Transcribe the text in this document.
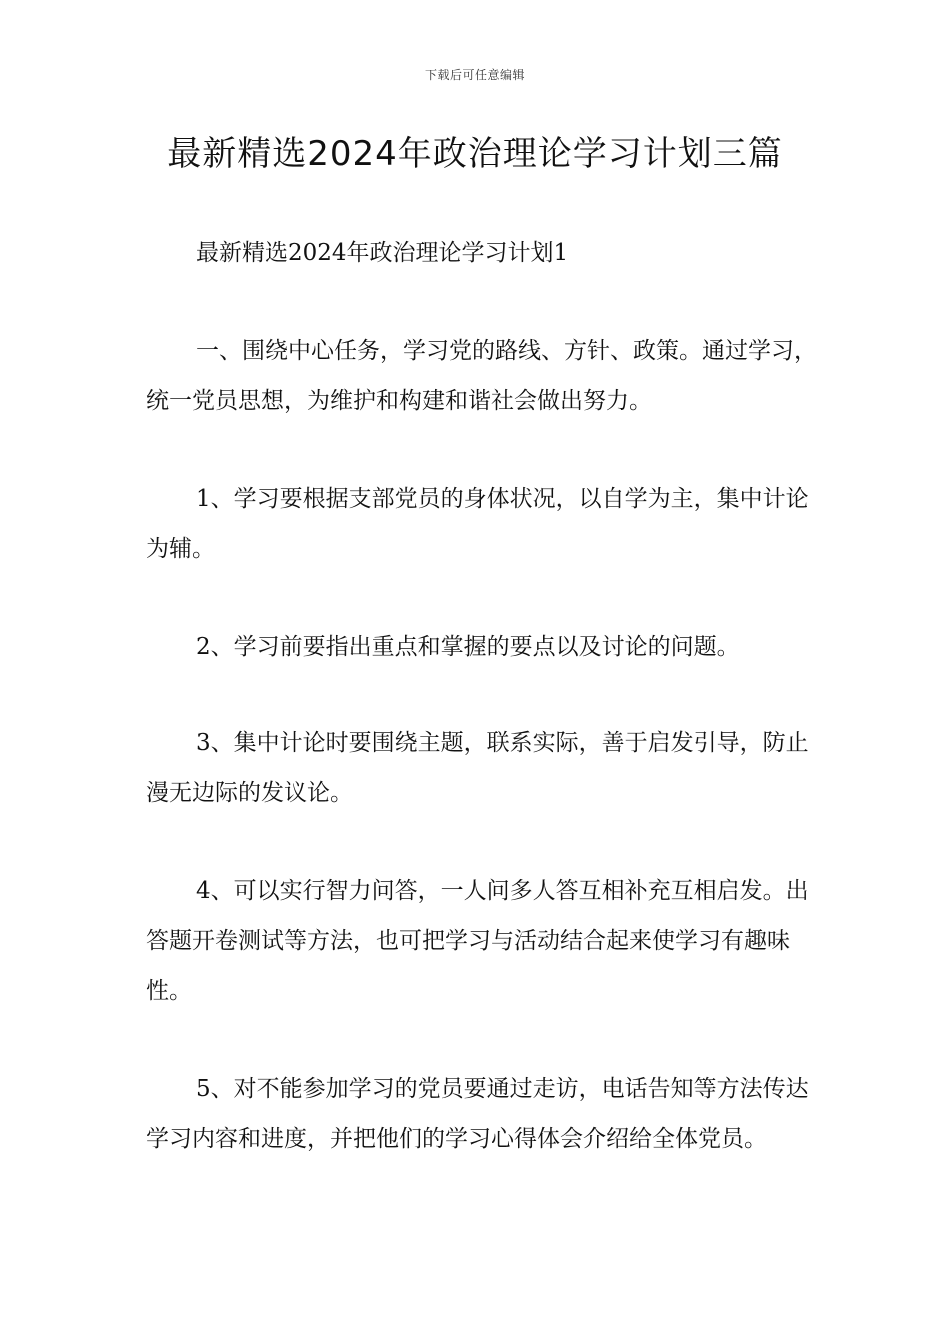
下载后可任意编辑
最新精选2024年政治理论学习计划三篇
最新精选2024年政治理论学习计划1

一、围绕中心任务，学习党的路线、方针、政策。通过学习，统一党员思想，为维护和构建和谐社会做出努力。

1、学习要根据支部党员的身体状况，以自学为主，集中计论为辅。

2、学习前要指出重点和掌握的要点以及讨论的问题。

3、集中计论时要围绕主题，联系实际，善于启发引导，防止漫无边际的发议论。

4、可以实行智力问答，一人问多人答互相补充互相启发。出答题开卷测试等方法，也可把学习与活动结合起来使学习有趣味性。

5、对不能参加学习的党员要通过走访，电话告知等方法传达学习内容和进度，并把他们的学习心得体会介绍给全体党员。
